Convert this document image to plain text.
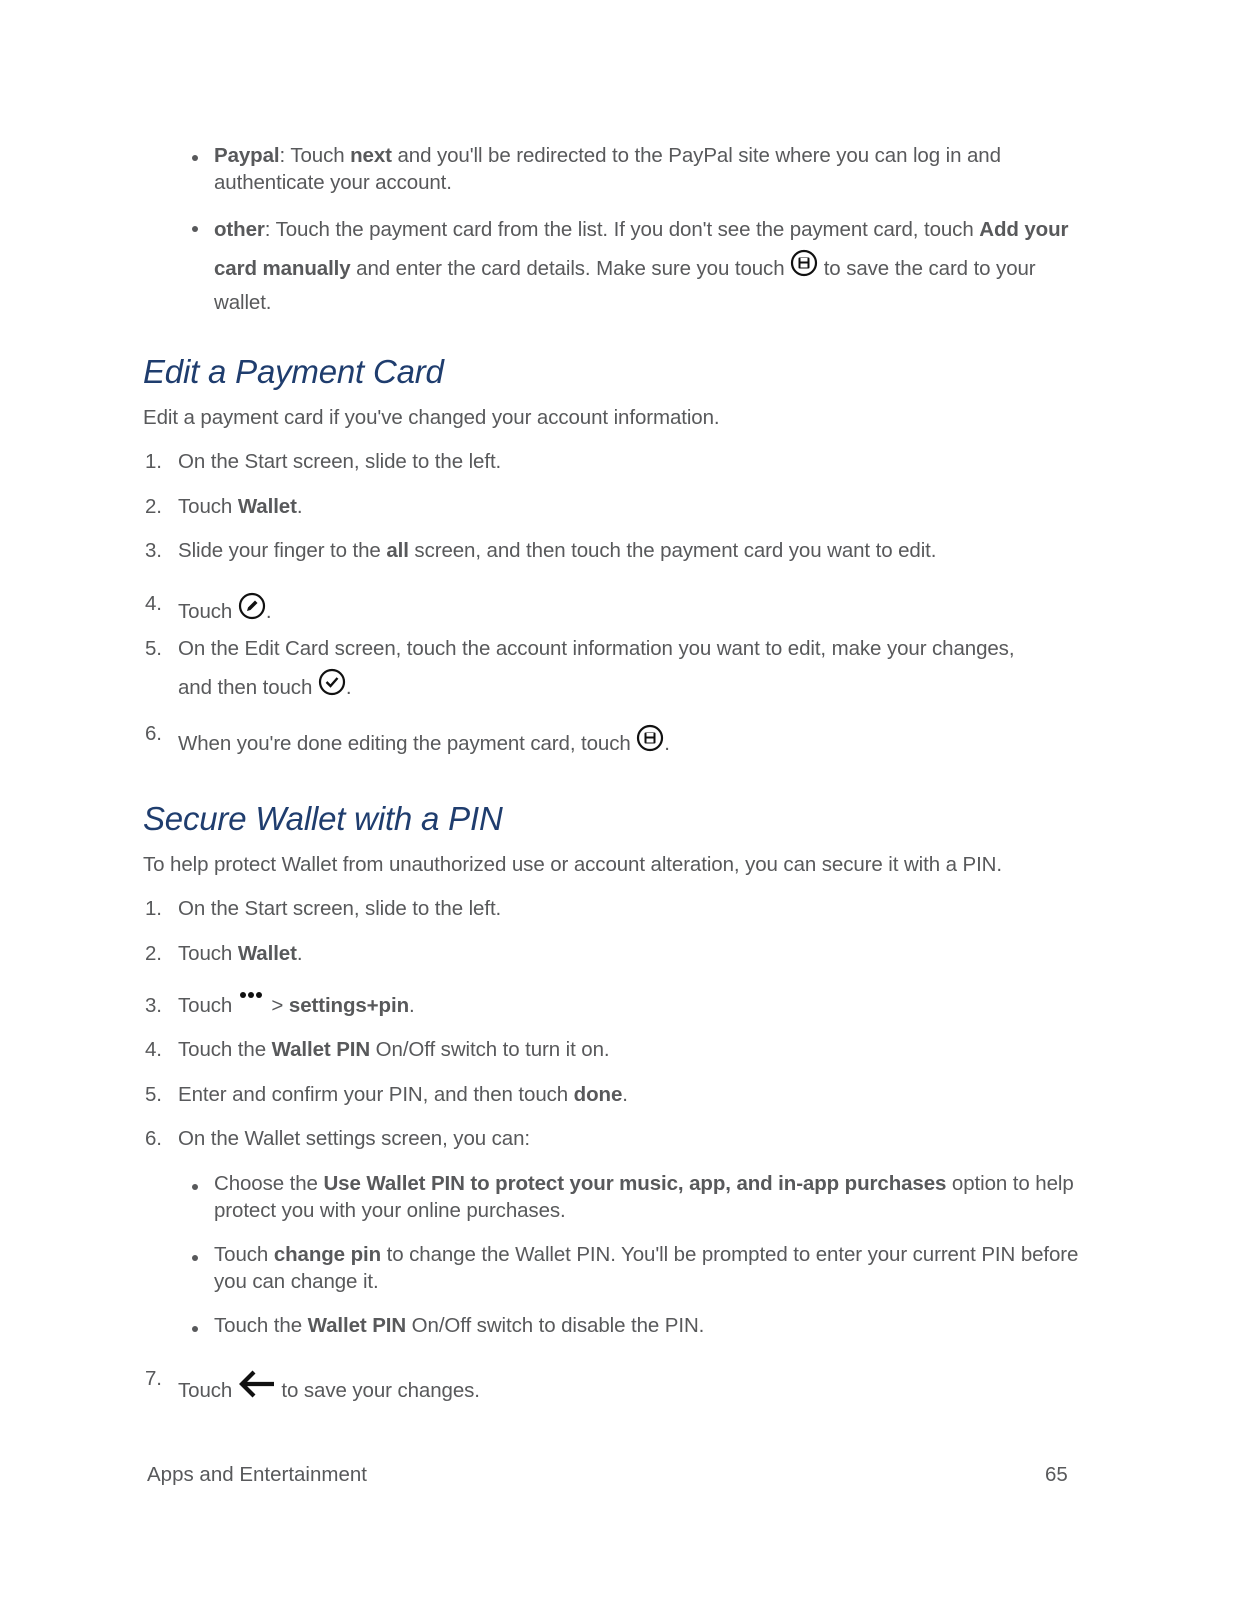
Paypal: Touch next and you'll be redirected to the PayPal site where you can log in and authenticate your account.
other: Touch the payment card from the list. If you don't see the payment card, touch Add your card manually and enter the card details. Make sure you touch
to save the card to your wallet.
Edit a Payment Card
Edit a payment card if you've changed your account information.
1. On the Start screen, slide to the left.
2. Touch Wallet.
3. Slide your finger to the all screen, and then touch the payment card you want to edit.
4. Touch
.
5. On the Edit Card screen, touch the account information you want to edit, make your changes, and then touch
.
6. When you're done editing the payment card, touch
.
Secure Wallet with a PIN
To help protect Wallet from unauthorized use or account alteration, you can secure it with a PIN.
1. On the Start screen, slide to the left.
2. Touch Wallet.
3. Touch
> settings+pin.
4. Touch the Wallet PIN On/Off switch to turn it on.
5. Enter and confirm your PIN, and then touch done.
6. On the Wallet settings screen, you can:
Choose the Use Wallet PIN to protect your music, app, and in-app purchases option to help protect you with your online purchases.
Touch change pin to change the Wallet PIN. You'll be prompted to enter your current PIN before you can change it.
Touch the Wallet PIN On/Off switch to disable the PIN.
7.
Touch
to save your changes.
Apps and Entertainment	65
